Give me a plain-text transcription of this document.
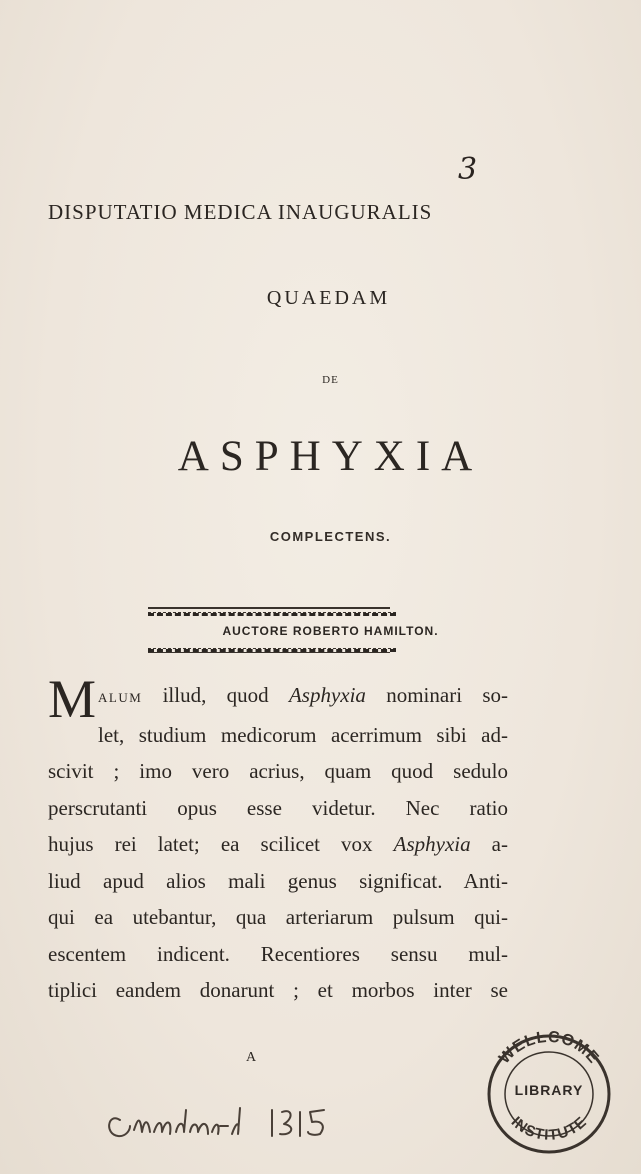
3
DISPUTATIO MEDICA INAUGURALIS
QUAEDAM
DE
ASPHYXIA
COMPLECTENS.
AUCTORE ROBERTO HAMILTON.
MALUM illud, quod Asphyxia nominari so-
let, studium medicorum acerrimum sibi ad-
scivit ; imo vero acrius, quam quod sedulo
perscrutanti opus esse videtur. Nec ratio
hujus rei latet; ea scilicet vox Asphyxia a-
liud apud alios mali genus significat. Anti-
qui ea utebantur, qua arteriarum pulsum qui-
escentem indicent. Recentiores sensu mul-
tiplici eandem donarunt ; et morbos inter se
A	WELLCOME
INSTITUTE
LIBRARY
